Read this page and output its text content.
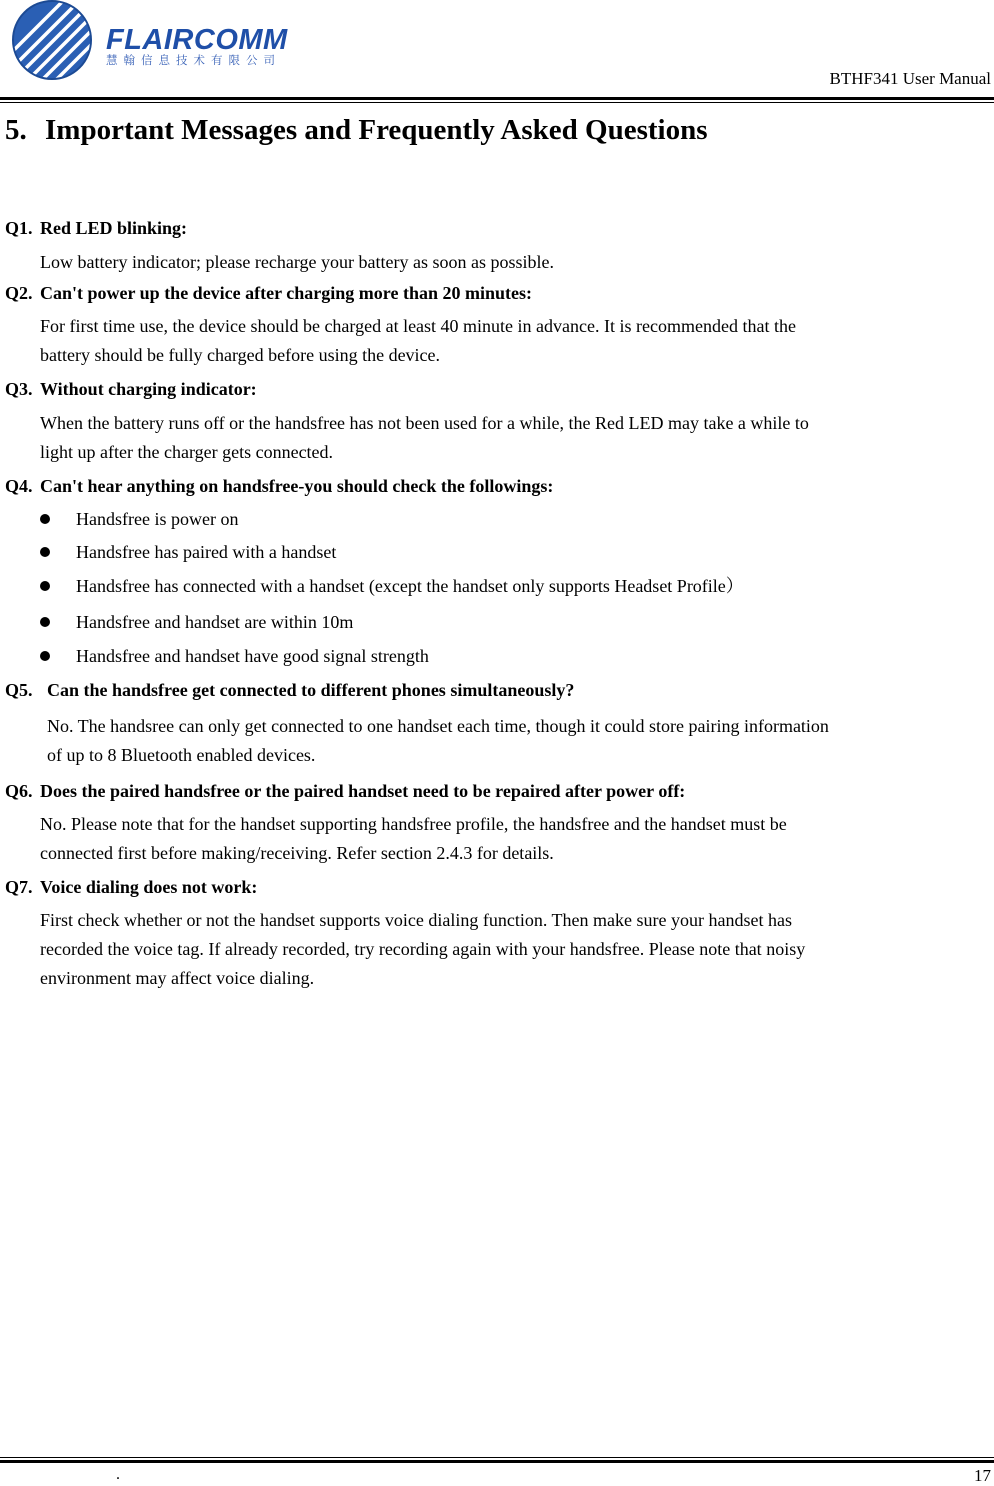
FLAIRCOMM
慧翰信息技术有限公司
BTHF341 User Manual
5. Important Messages and Frequently Asked Questions
Q1. Red LED blinking:
Low battery indicator; please recharge your battery as soon as possible.
Q2. Can't power up the device after charging more than 20 minutes:
For first time use, the device should be charged at least 40 minute in advance. It is recommended that the
battery should be fully charged before using the device.
Q3. Without charging indicator:
When the battery runs off or the handsfree has not been used for a while, the Red LED may take a while to
light up after the charger gets connected.
Q4. Can't hear anything on handsfree-you should check the followings:
Handsfree is power on
Handsfree has paired with a handset
Handsfree has connected with a handset (except the handset only supports Headset Profile）
Handsfree and handset are within 10m
Handsfree and handset have good signal strength
Q5. Can the handsfree get connected to different phones simultaneously?
No. The handsree can only get connected to one handset each time, though it could store pairing information
of up to 8 Bluetooth enabled devices.
Q6. Does the paired handsfree or the paired handset need to be repaired after power off:
No. Please note that for the handset supporting handsfree profile, the handsfree and the handset must be
connected first before making/receiving. Refer section 2.4.3 for details.
Q7. Voice dialing does not work:
First check whether or not the handset supports voice dialing function. Then make sure your handset has
recorded the voice tag. If already recorded, try recording again with your handsfree. Please note that noisy
environment may affect voice dialing.
.	17
